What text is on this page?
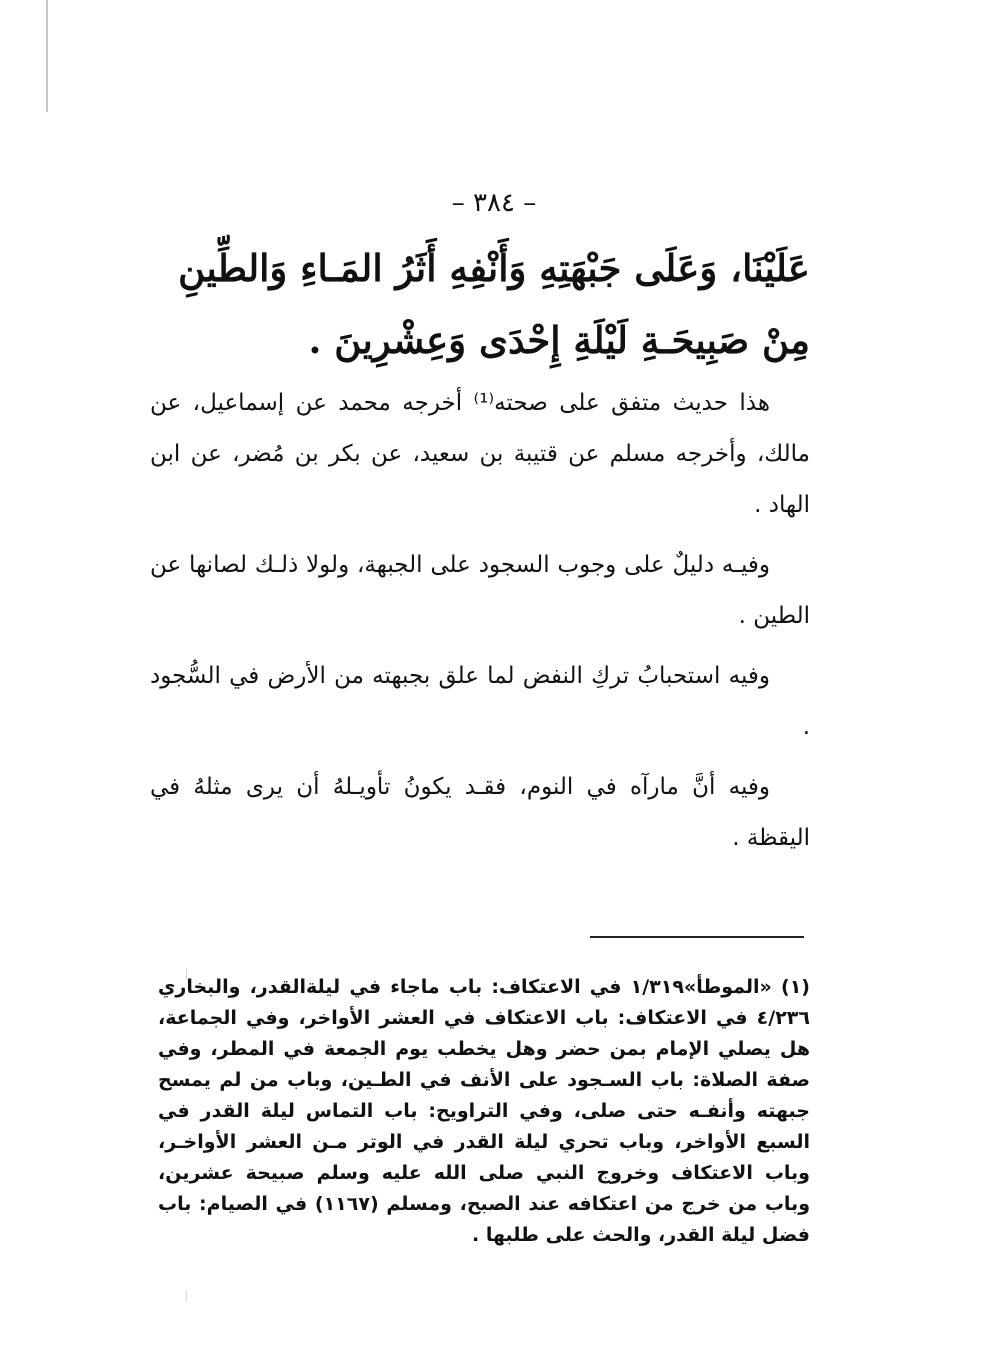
– ٣٨٤ –
عَلَيْنَا، وَعَلَى جَبْهَتِهِ وَأَنْفِهِ أَثَرُ المَـاءِ وَالطِّينِ مِنْ صَبِيحَـةِ لَيْلَةِ إِحْدَى وَعِشْرِينَ .

هذا حديث متفق على صحته⁽¹⁾ أخرجه محمد عن إسماعيل، عن مالك، وأخرجه مسلم عن قتيبة بن سعيد، عن بكر بن مُضر، عن ابن الهاد .

وفيـه دليلٌ على وجوب السجود على الجبهة، ولولا ذلـك لصانها عن الطين .

وفيه استحبابُ تركِ النفض لما علق بجبهته من الأرض في السُّجود .

وفيه أنَّ مارآه في النوم، فقـد يكونُ تأويـلهُ أن يرى مثلهُ في اليقظة .

(١) «الموطأ»١/٣١٩ في الاعتكاف: باب ماجاء في ليلةالقدر، والبخاري ٤/٢٣٦ في الاعتكاف: باب الاعتكاف في العشر الأواخر، وفي الجماعة، هل يصلي الإمام بمن حضر وهل يخطب يوم الجمعة في المطر، وفي صفة الصلاة: باب السـجود على الأنف في الطـين، وباب من لم يمسح جبهته وأنفـه حتى صلى، وفي التراويح: باب التماس ليلة القدر في السبع الأواخر، وباب تحري ليلة القدر في الوتر مـن العشر الأواخـر، وباب الاعتكاف وخروج النبي صلى الله عليه وسلم صبيحة عشرين، وباب من خرج من اعتكافه عند الصبح، ومسلم (١١٦٧) في الصيام: باب فضل ليلة القدر، والحث على طلبها .
